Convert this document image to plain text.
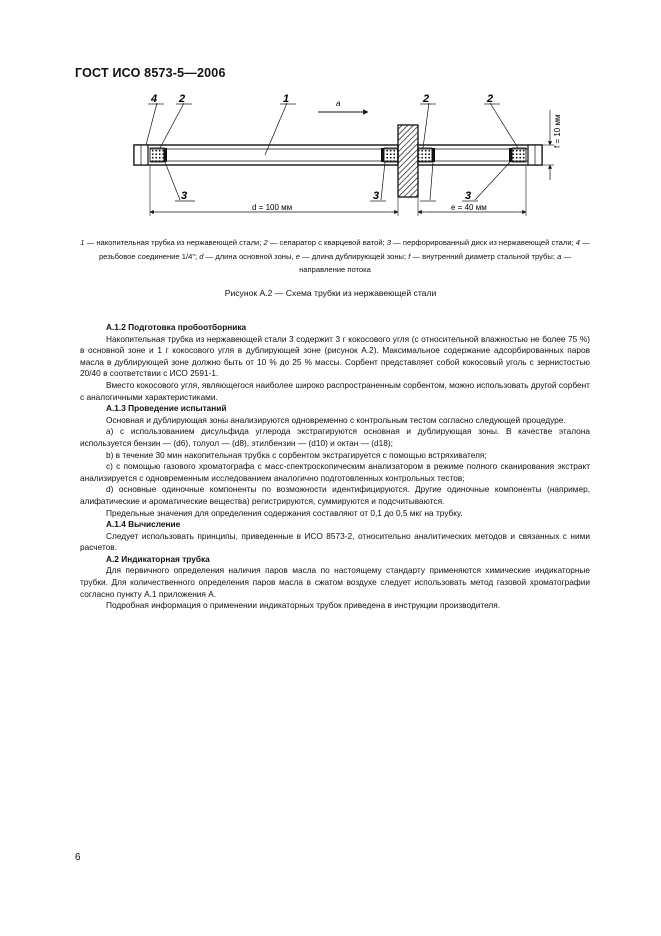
ГОСТ ИСО 8573-5—2006
f = 10 мм
4 2	1	2	2
3	3	3
a
d = 100 мм	e = 40 мм
1 — накопительная трубка из нержавеющей стали; 2 — сепаратор с кварцевой ватой; 3 — перфорированный диск из нержавеющей стали; 4 — резьбовое соединение 1/4"; d — длина основной зоны, e — длина дублирующей зоны; f — внутренний диаметр стальной трубы; a — направление потока
Рисунок А.2 — Схема трубки из нержавеющей стали
А.1.2 Подготовка пробоотборника

Накопительная трубка из нержавеющей стали 3 содержит 3 г кокосового угля (с относительной влажностью не более 75 %) в основной зоне и 1 г кокосового угля в дублирующей зоне (рисунок А.2). Максимальное содержание адсорбированных паров масла в дублирующей зоне должно быть от 10 % до 25 % массы. Сорбент представляет собой кокосовый уголь с зернистостью 20/40 в соответствии с ИСО 2591-1.

Вместо кокосового угля, являющегося наиболее широко распространенным сорбентом, можно использовать другой сорбент с аналогичными характеристиками.

А.1.3 Проведение испытаний

Основная и дублирующая зоны анализируются одновременно с контрольным тестом согласно следующей процедуре.

a) с использованием дисульфида углерода экстрагируются основная и дублирующая зоны. В качестве эталона используется бензин — (d6), толуол — (d8), этилбензин — (d10) и октан — (d18);

b) в течение 30 мин накопительная трубка с сорбентом экстрагируется с помощью встряхивателя;

c) с помощью газового хроматографа с масс-спектроскопическим анализатором в режиме полного сканирования экстракт анализируется с одновременным исследованием аналогично подготовленных контрольных тестов;

d) основные одиночные компоненты по возможности идентифицируются. Другие одиночные компоненты (например, алифатические и ароматические вещества) регистрируются, суммируются и подсчитываются.

Предельные значения для определения содержания составляют от 0,1 до 0,5 мкг на трубку.

А.1.4 Вычисление

Следует использовать принципы, приведенные в ИСО 8573-2, относительно аналитических методов и связанных с ними расчетов.

А.2 Индикаторная трубка

Для первичного определения наличия паров масла по настоящему стандарту применяются химические индикаторные трубки. Для количественного определения паров масла в сжатом воздухе следует использовать метод газовой хроматографии согласно пункту А.1 приложения А.

Подробная информация о применении индикаторных трубок приведена в инструкции производителя.

6
